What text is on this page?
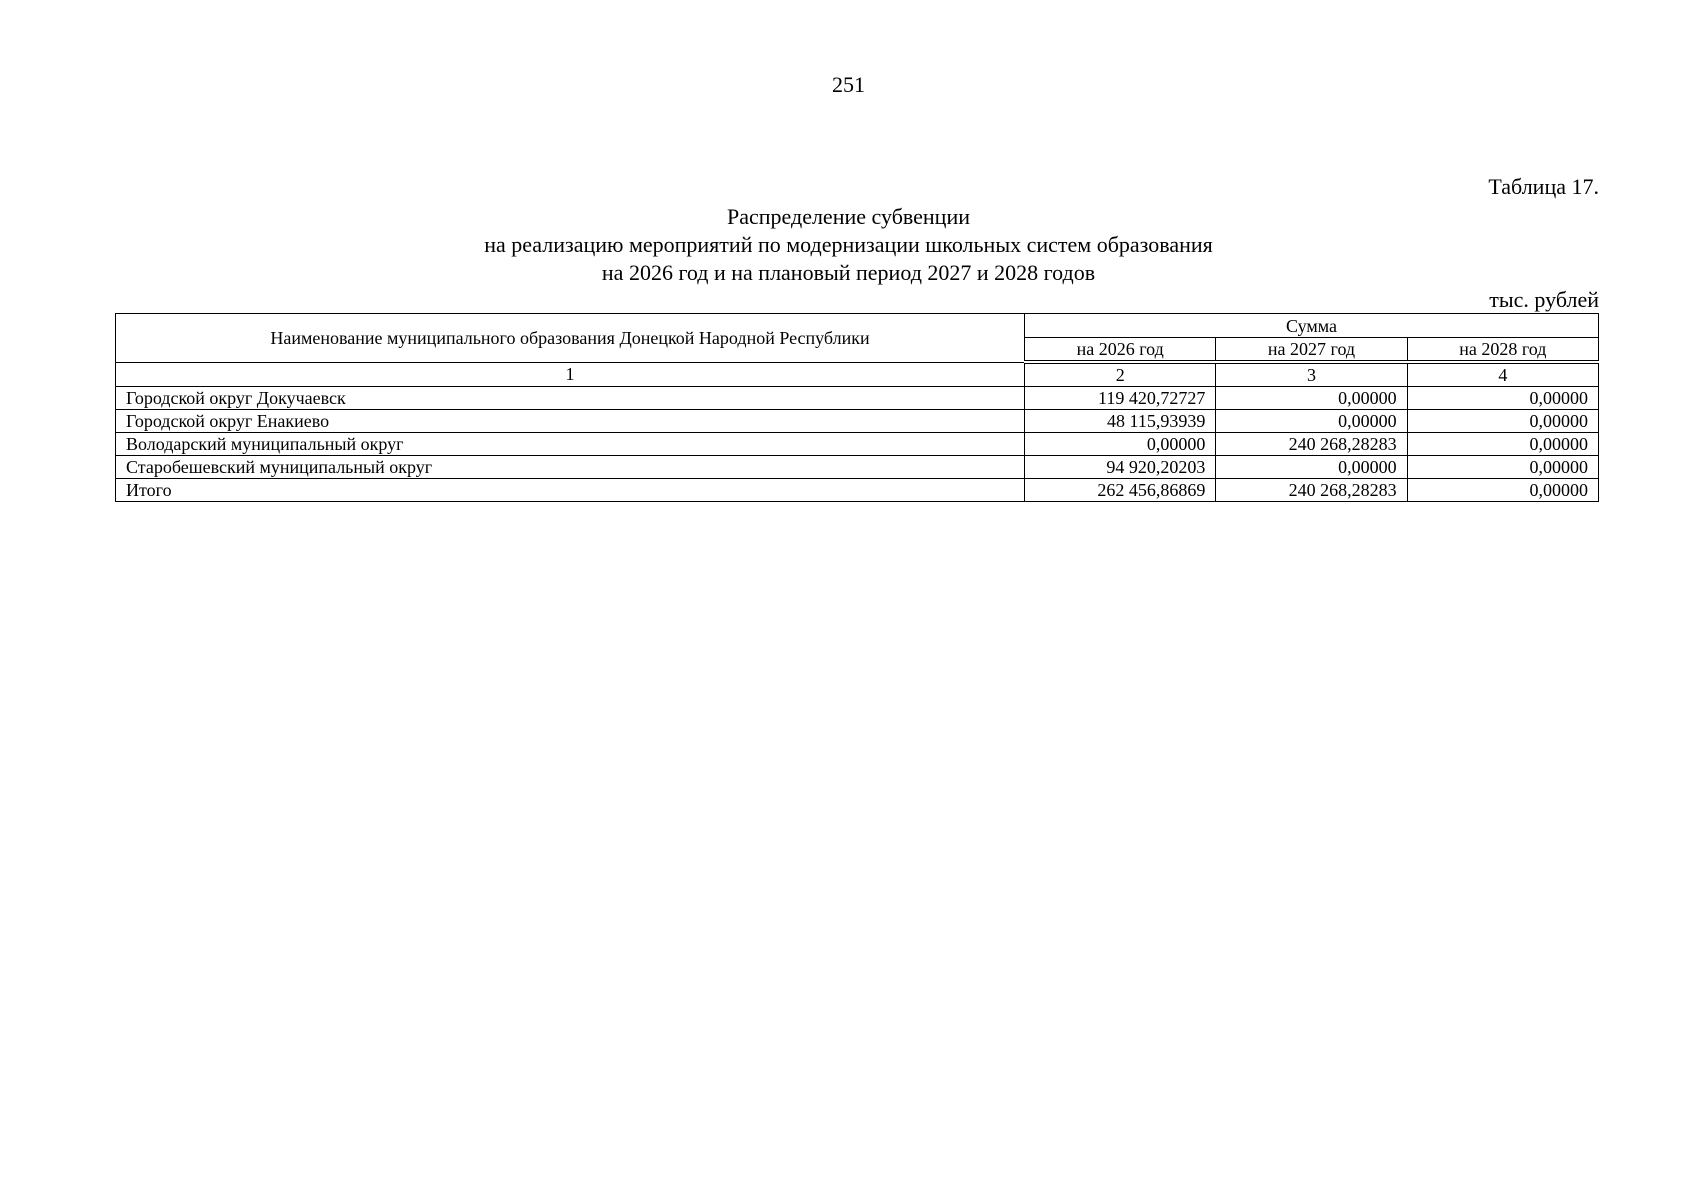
251
Таблица 17.
Распределение субвенции
на реализацию мероприятий по модернизации школьных систем образования
на 2026 год и на плановый период 2027 и 2028 годов
тыс. рублей
Наименование муниципального образования Донецкой Народной Республики	Сумма		
	на 2026 год	на 2027 год	на 2028 год
1	2	3	4
Городской округ Докучаевск	119 420,72727	0,00000	0,00000
Городской округ Енакиево	48 115,93939	0,00000	0,00000
Володарский муниципальный округ	0,00000	240 268,28283	0,00000
Старобешевский муниципальный округ	94 920,20203	0,00000	0,00000
Итого	262 456,86869	240 268,28283	0,00000
